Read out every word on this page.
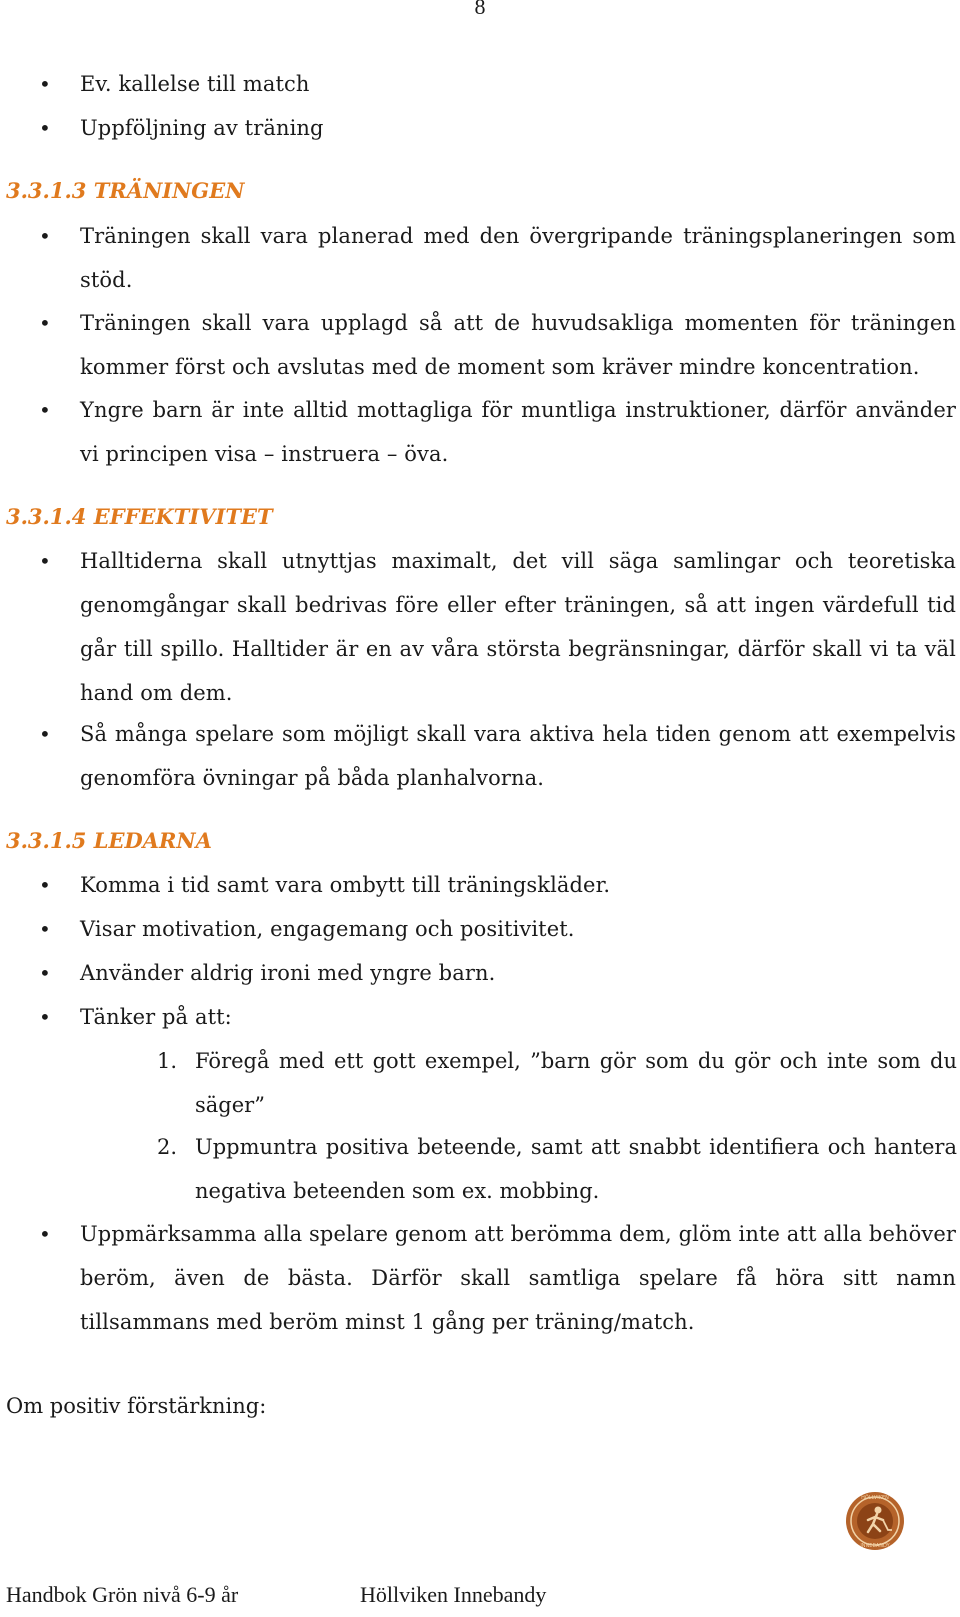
8
• Ev. kallelse till match
• Uppföljning av träning
3.3.1.3 TRÄNINGEN
• Träningen skall vara planerad med den övergripande träningsplaneringen som stöd.
• Träningen skall vara upplagd så att de huvudsakliga momenten för träningen kommer först och avslutas med de moment som kräver mindre koncentration.
• Yngre barn är inte alltid mottagliga för muntliga instruktioner, därför använder vi principen visa – instruera – öva.
3.3.1.4 EFFEKTIVITET
• Halltiderna skall utnyttjas maximalt, det vill säga samlingar och teoretiska genomgångar skall bedrivas före eller efter träningen, så att ingen värdefull tid går till spillo. Halltider är en av våra största begränsningar, därför skall vi ta väl hand om dem.
• Så många spelare som möjligt skall vara aktiva hela tiden genom att exempelvis genomföra övningar på båda planhalvorna.
3.3.1.5 LEDARNA
• Komma i tid samt vara ombytt till träningskläder.
• Visar motivation, engagemang och positivitet.
• Använder aldrig ironi med yngre barn.
• Tänker på att:
1. Föregå med ett gott exempel, ”barn gör som du gör och inte som du säger”
2. Uppmuntra positiva beteende, samt att snabbt identifiera och hantera negativa beteenden som ex. mobbing.
• Uppmärksamma alla spelare genom att berömma dem, glöm inte att alla behöver beröm, även de bästa. Därför skall samtliga spelare få höra sitt namn tillsammans med beröm minst 1 gång per träning/match.
Om positiv förstärkning:
Handbok Grön nivå 6-9 år	Höllviken Innebandy
HÖLLVIKEN
INNEBANDY
